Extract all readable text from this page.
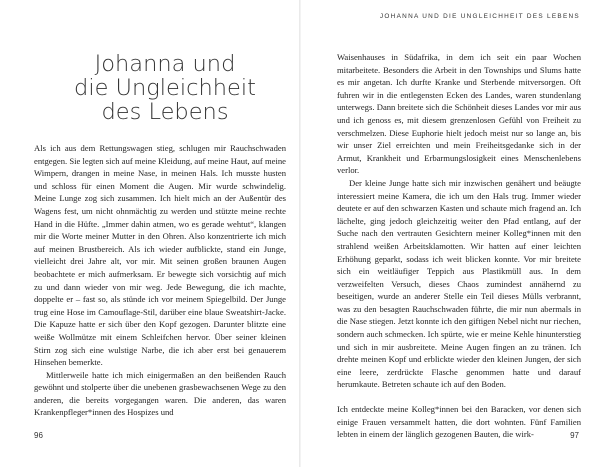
Johanna und
die Ungleichheit
des Lebens

Als ich aus dem Rettungswagen stieg, schlugen mir Rauchschwaden entgegen. Sie legten sich auf meine Kleidung, auf meine Haut, auf meine Wimpern, drangen in meine Nase, in meinen Hals. Ich musste husten und schloss für einen Moment die Augen. Mir wurde schwindelig. Meine Lunge zog sich zusammen. Ich hielt mich an der Außentür des Wagens fest, um nicht ohnmächtig zu werden und stützte meine rechte Hand in die Hüfte. „Immer dahin atmen, wo es gerade wehtut“, klangen mir die Worte meiner Mutter in den Ohren. Also konzentrierte ich mich auf meinen Brustbereich. Als ich wieder aufblickte, stand ein Junge, vielleicht drei Jahre alt, vor mir. Mit seinen großen braunen Augen beobachtete er mich aufmerksam. Er bewegte sich vorsichtig auf mich zu und dann wieder von mir weg. Jede Bewegung, die ich machte, doppelte er – fast so, als stünde ich vor meinem Spiegelbild. Der Junge trug eine Hose im Camouflage-Stil, darüber eine blaue Sweatshirt-Jacke. Die Kapuze hatte er sich über den Kopf gezogen. Darunter blitzte eine weiße Wollmütze mit einem Schleifchen hervor. Über seiner kleinen Stirn zog sich eine wulstige Narbe, die ich aber erst bei genauerem Hinsehen bemerkte.

Mittlerweile hatte ich mich einigermaßen an den beißenden Rauch gewöhnt und stolperte über die unebenen grasbewachsenen Wege zu den anderen, die bereits vorgegangen waren. Die anderen, das waren Krankenpfleger*innen des Hospizes und

96
JOHANNA UND DIE UNGLEICHHEIT DES LEBENS

Waisenhauses in Südafrika, in dem ich seit ein paar Wochen mitarbeitete. Besonders die Arbeit in den Townships und Slums hatte es mir angetan. Ich durfte Kranke und Sterbende mitversorgen. Oft fuhren wir in die entlegensten Ecken des Landes, waren stundenlang unterwegs. Dann breitete sich die Schönheit dieses Landes vor mir aus und ich genoss es, mit diesem grenzenlosen Gefühl von Freiheit zu verschmelzen. Diese Euphorie hielt jedoch meist nur so lange an, bis wir unser Ziel erreichten und mein Freiheitsgedanke sich in der Armut, Krankheit und Erbarmungslosigkeit eines Menschenlebens verlor.

Der kleine Junge hatte sich mir inzwischen genähert und beäugte interessiert meine Kamera, die ich um den Hals trug. Immer wieder deutete er auf den schwarzen Kasten und schaute mich fragend an. Ich lächelte, ging jedoch gleichzeitig weiter den Pfad entlang, auf der Suche nach den vertrauten Gesichtern meiner Kolleg*innen mit den strahlend weißen Arbeitsklamotten. Wir hatten auf einer leichten Erhöhung geparkt, sodass ich weit blicken konnte. Vor mir breitete sich ein weitläufiger Teppich aus Plastikmüll aus. In dem verzweifelten Versuch, dieses Chaos zumindest annähernd zu beseitigen, wurde an anderer Stelle ein Teil dieses Mülls verbrannt, was zu den besagten Rauchschwaden führte, die mir nun abermals in die Nase stiegen. Jetzt konnte ich den giftigen Nebel nicht nur riechen, sondern auch schmecken. Ich spürte, wie er meine Kehle hinunterstieg und sich in mir ausbreitete. Meine Augen fingen an zu tränen. Ich drehte meinen Kopf und erblickte wieder den kleinen Jungen, der sich eine leere, zerdrückte Flasche genommen hatte und darauf herumkaute. Betreten schaute ich auf den Boden.

Ich entdeckte meine Kolleg*innen bei den Baracken, vor denen sich einige Frauen versammelt hatten, die dort wohnten. Fünf Familien lebten in einem der länglich gezogenen Bauten, die wirk-	97
